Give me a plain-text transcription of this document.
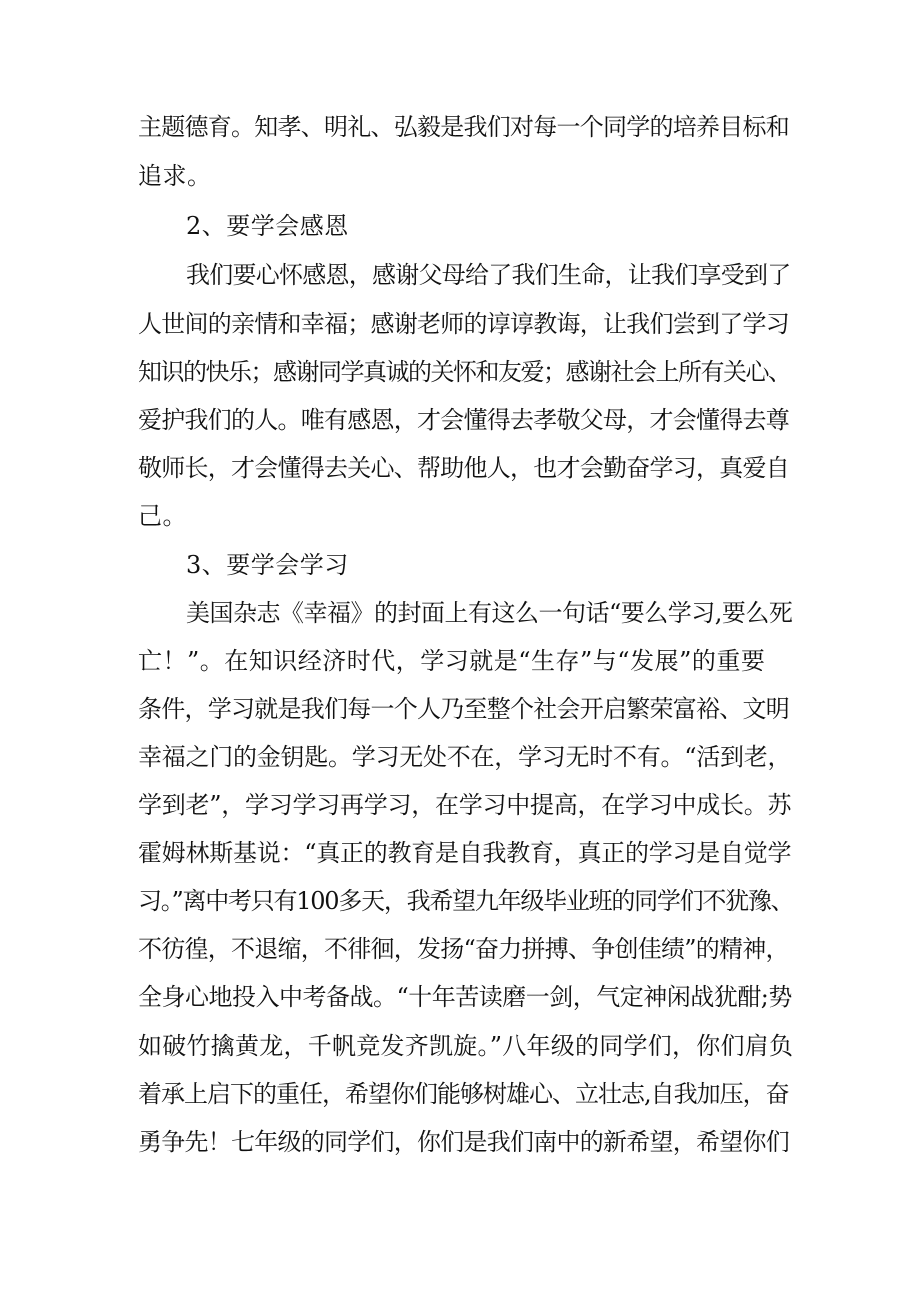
主题德育。知孝、明礼、弘毅是我们对每一个同学的培养目标和
追求。
2、要学会感恩
我们要心怀感恩，感谢父母给了我们生命，让我们享受到了
人世间的亲情和幸福；感谢老师的谆谆教诲，让我们尝到了学习
知识的快乐；感谢同学真诚的关怀和友爱；感谢社会上所有关心、
爱护我们的人。唯有感恩，才会懂得去孝敬父母，才会懂得去尊
敬师长，才会懂得去关心、帮助他人，也才会勤奋学习，真爱自
己。
3、要学会学习
美国杂志《幸福》的封面上有这么一句话“要么学习,要么死
亡！”。在知识经济时代，学习就是“生存”与“发展”的重要
条件，学习就是我们每一个人乃至整个社会开启繁荣富裕、文明
幸福之门的金钥匙。学习无处不在，学习无时不有。“活到老，
学到老”，学习学习再学习，在学习中提高，在学习中成长。苏
霍姆林斯基说：“真正的教育是自我教育，真正的学习是自觉学
习。”离中考只有100多天，我希望九年级毕业班的同学们不犹豫、
不彷徨，不退缩，不徘徊，发扬“奋力拼搏、争创佳绩”的精神，
全身心地投入中考备战。“十年苦读磨一剑，气定神闲战犹酣;势
如破竹擒黄龙，千帆竞发齐凯旋。”八年级的同学们，你们肩负
着承上启下的重任，希望你们能够树雄心、立壮志,自我加压，奋
勇争先！七年级的同学们，你们是我们南中的新希望，希望你们
